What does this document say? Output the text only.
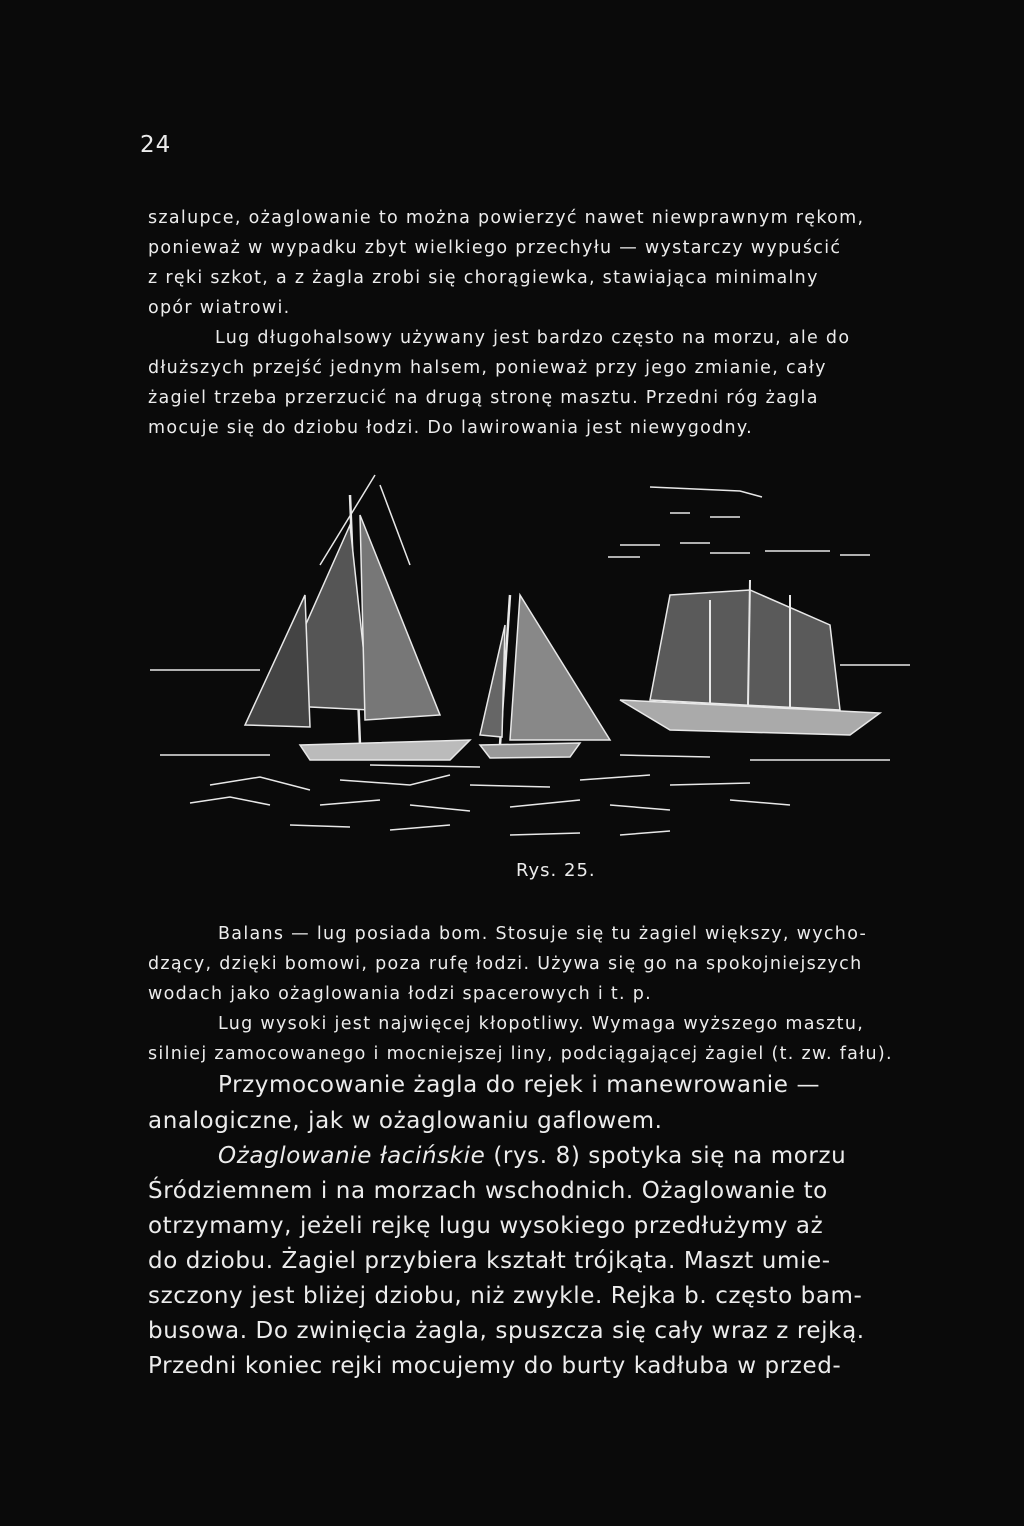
24
szalupce, ożaglowanie to można powierzyć nawet niewprawnym rękom,
ponieważ w wypadku zbyt wielkiego przechyłu — wystarczy wypuścić
z ręki szkot, a z żagla zrobi się chorągiewka, stawiająca minimalny
opór wiatrowi.
Lug długohalsowy używany jest bardzo często na morzu, ale do
dłuższych przejść jednym halsem, ponieważ przy jego zmianie, cały
żagiel trzeba przerzucić na drugą stronę masztu. Przedni róg żagla
mocuje się do dziobu łodzi. Do lawirowania jest niewygodny.
Rys. 25.
Balans — lug posiada bom. Stosuje się tu żagiel większy, wycho-
dzący, dzięki bomowi, poza rufę łodzi. Używa się go na spokojniejszych
wodach jako ożaglowania łodzi spacerowych i t. p.
Lug wysoki jest najwięcej kłopotliwy. Wymaga wyższego masztu,
silniej zamocowanego i mocniejszej liny, podciągającej żagiel (t. zw. fału).
Przymocowanie żagla do rejek i manewrowanie —
analogiczne, jak w ożaglowaniu gaflowem.
Ożaglowanie łacińskie (rys. 8) spotyka się na morzu
Śródziemnem i na morzach wschodnich. Ożaglowanie to
otrzymamy, jeżeli rejkę lugu wysokiego przedłużymy aż
do dziobu. Żagiel przybiera kształt trójkąta. Maszt umie-
szczony jest bliżej dziobu, niż zwykle. Rejka b. często bam-
busowa. Do zwinięcia żagla, spuszcza się cały wraz z rejką.
Przedni koniec rejki mocujemy do burty kadłuba w przed-
